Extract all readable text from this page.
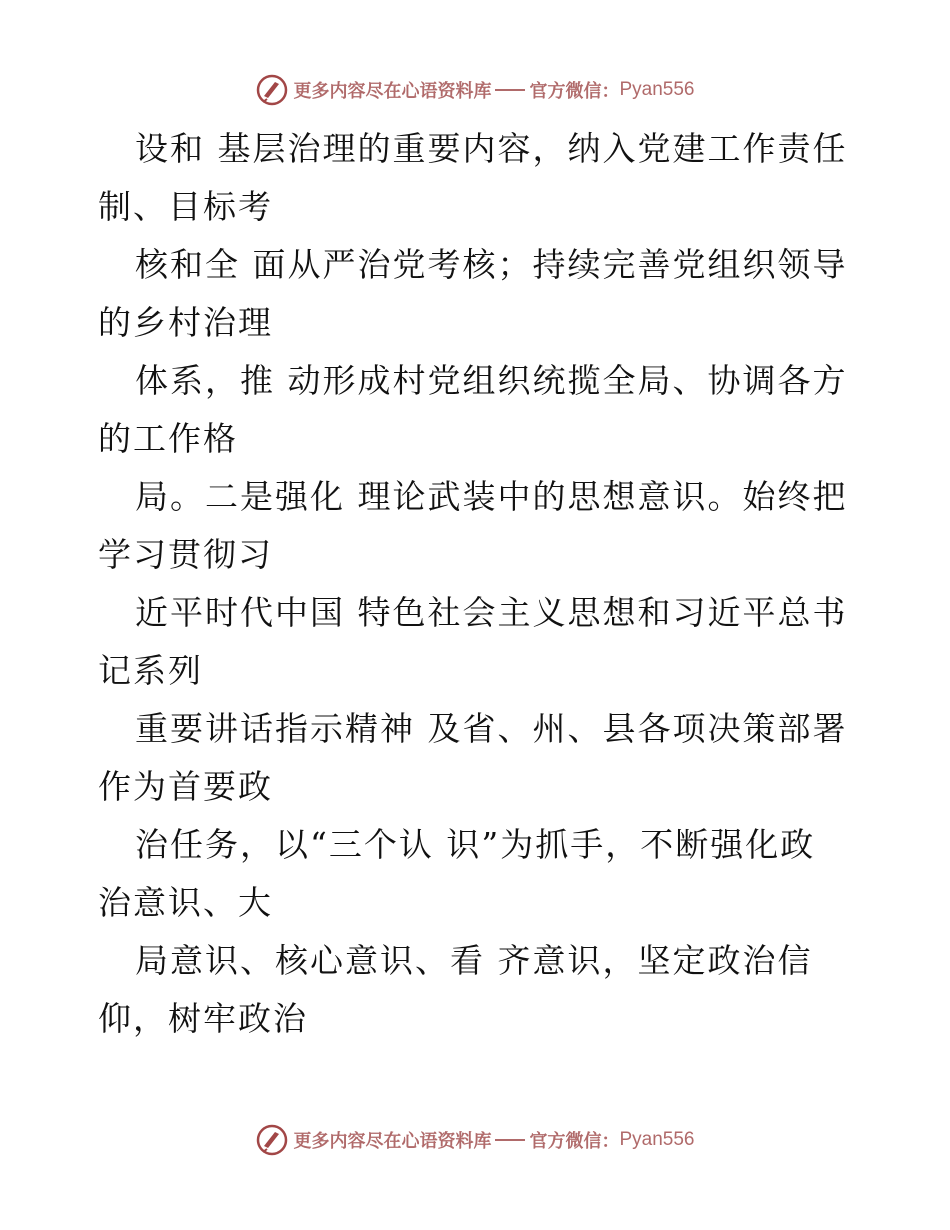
更多内容尽在心语资料库 官方微信： Pyan556
设和 基层治理的重要内容，纳入党建工作责任
制、目标考
核和全 面从严治党考核；持续完善党组织领导
的乡村治理
体系，推 动形成村党组织统揽全局、协调各方
的工作格
局。二是强化 理论武装中的思想意识。始终把
学习贯彻习
近平时代中国 特色社会主义思想和习近平总书
记系列
重要讲话指示精神 及省、州、县各项决策部署
作为首要政
治任务，以“三个认 识”为抓手，不断强化政
治意识、大
局意识、核心意识、看 齐意识，坚定政治信
仰，树牢政治
更多内容尽在心语资料库 官方微信： Pyan556
